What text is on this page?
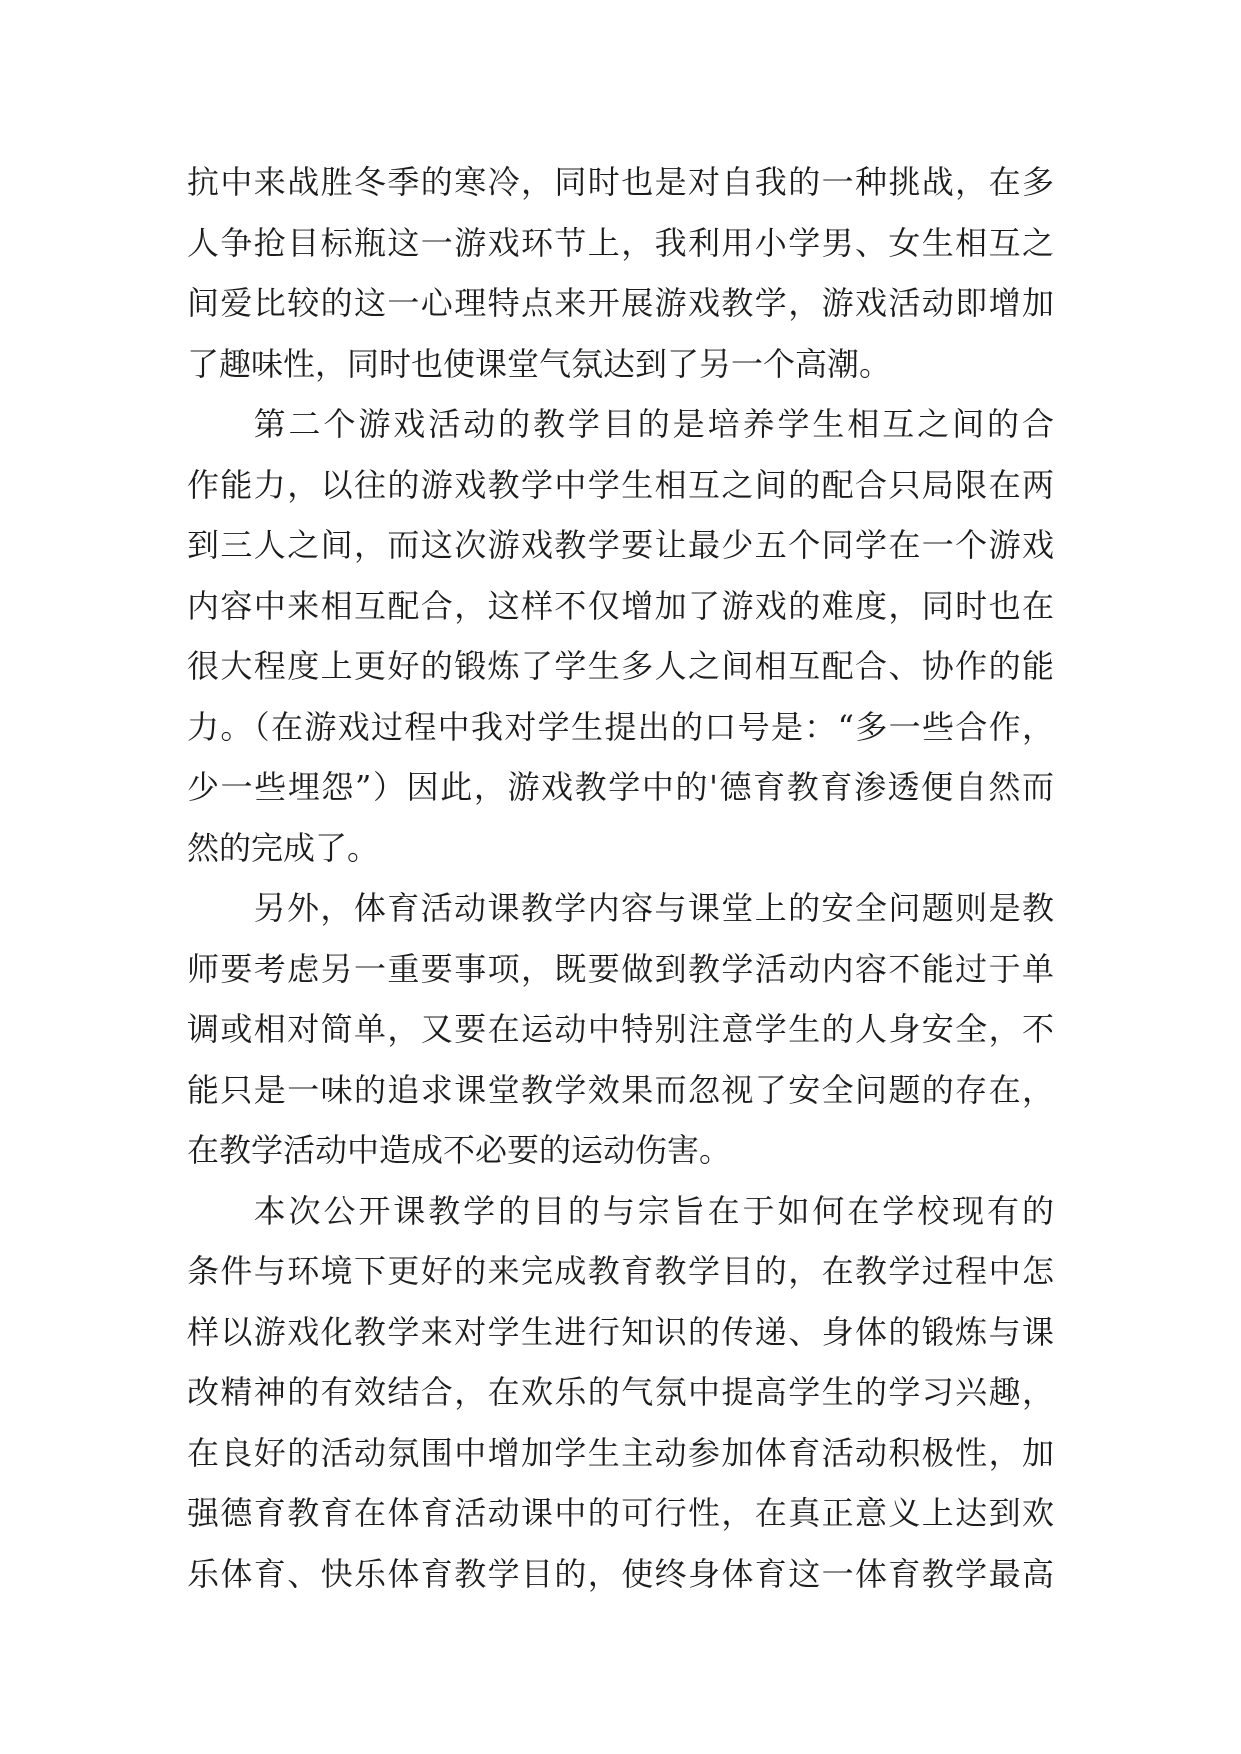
抗中来战胜冬季的寒冷，同时也是对自我的一种挑战，在多
人争抢目标瓶这一游戏环节上，我利用小学男、女生相互之
间爱比较的这一心理特点来开展游戏教学，游戏活动即增加
了趣味性，同时也使课堂气氛达到了另一个高潮。
第二个游戏活动的教学目的是培养学生相互之间的合
作能力，以往的游戏教学中学生相互之间的配合只局限在两
到三人之间，而这次游戏教学要让最少五个同学在一个游戏
内容中来相互配合，这样不仅增加了游戏的难度，同时也在
很大程度上更好的锻炼了学生多人之间相互配合、协作的能
力。（在游戏过程中我对学生提出的口号是：“多一些合作，
少一些埋怨”）因此，游戏教学中的'德育教育渗透便自然而
然的完成了。
另外，体育活动课教学内容与课堂上的安全问题则是教
师要考虑另一重要事项，既要做到教学活动内容不能过于单
调或相对简单，又要在运动中特别注意学生的人身安全，不
能只是一味的追求课堂教学效果而忽视了安全问题的存在，
在教学活动中造成不必要的运动伤害。
本次公开课教学的目的与宗旨在于如何在学校现有的
条件与环境下更好的来完成教育教学目的，在教学过程中怎
样以游戏化教学来对学生进行知识的传递、身体的锻炼与课
改精神的有效结合，在欢乐的气氛中提高学生的学习兴趣，
在良好的活动氛围中增加学生主动参加体育活动积极性，加
强德育教育在体育活动课中的可行性，在真正意义上达到欢
乐体育、快乐体育教学目的，使终身体育这一体育教学最高
